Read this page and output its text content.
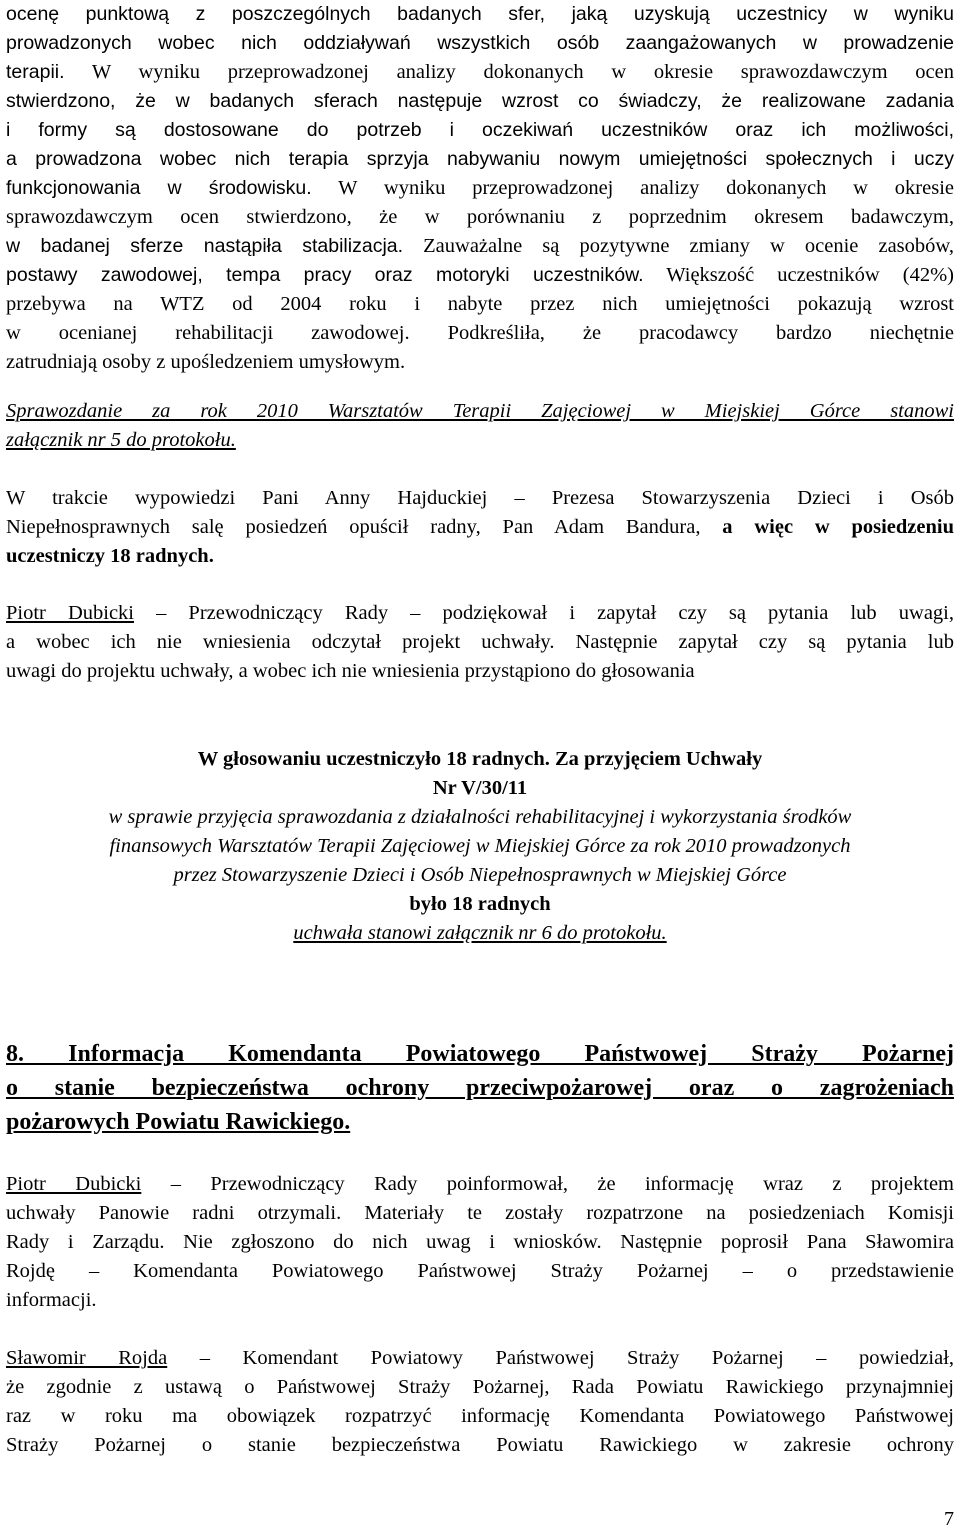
ocenę punktową z poszczególnych badanych sfer, jaką uzyskują uczestnicy w wyniku
prowadzonych wobec nich oddziaływań wszystkich osób zaangażowanych w prowadzenie
terapii. W wyniku przeprowadzonej analizy dokonanych w okresie sprawozdawczym ocen
stwierdzono, że w badanych sferach następuje wzrost co świadczy, że realizowane zadania
i formy są dostosowane do potrzeb i oczekiwań uczestników oraz ich możliwości,
a prowadzona wobec nich terapia sprzyja nabywaniu nowym umiejętności społecznych i uczy
funkcjonowania w środowisku. W wyniku przeprowadzonej analizy dokonanych w okresie
sprawozdawczym ocen stwierdzono, że w porównaniu z poprzednim okresem badawczym,
w badanej sferze nastąpiła stabilizacja. Zauważalne są pozytywne zmiany w ocenie zasobów,
postawy zawodowej, tempa pracy oraz motoryki uczestników. Większość uczestników (42%)
przebywa na WTZ od 2004 roku i nabyte przez nich umiejętności pokazują wzrost
w ocenianej rehabilitacji zawodowej. Podkreśliła, że pracodawcy bardzo niechętnie
zatrudniają osoby z upośledzeniem umysłowym.
Sprawozdanie za rok 2010 Warsztatów Terapii Zajęciowej w Miejskiej Górce stanowi
załącznik nr 5 do protokołu.
W trakcie wypowiedzi Pani Anny Hajduckiej – Prezesa Stowarzyszenia Dzieci i Osób
Niepełnosprawnych salę posiedzeń opuścił radny, Pan Adam Bandura, a więc w posiedzeniu
uczestniczy 18 radnych.
Piotr Dubicki – Przewodniczący Rady – podziękował i zapytał czy są pytania lub uwagi,
a wobec ich nie wniesienia odczytał projekt uchwały. Następnie zapytał czy są pytania lub
uwagi do projektu uchwały, a wobec ich nie wniesienia przystąpiono do głosowania
W głosowaniu uczestniczyło 18 radnych. Za przyjęciem Uchwały
Nr V/30/11
w sprawie przyjęcia sprawozdania z działalności rehabilitacyjnej i wykorzystania środków
finansowych Warsztatów Terapii Zajęciowej w Miejskiej Górce za rok 2010 prowadzonych
przez Stowarzyszenie Dzieci i Osób Niepełnosprawnych w Miejskiej Górce
było 18 radnych
uchwała stanowi załącznik nr 6 do protokołu.
8. Informacja Komendanta Powiatowego Państwowej Straży Pożarnej
o stanie bezpieczeństwa ochrony przeciwpożarowej oraz o zagrożeniach
pożarowych Powiatu Rawickiego.
Piotr Dubicki – Przewodniczący Rady poinformował, że informację wraz z projektem
uchwały Panowie radni otrzymali. Materiały te zostały rozpatrzone na posiedzeniach Komisji
Rady i Zarządu. Nie zgłoszono do nich uwag i wniosków. Następnie poprosił Pana Sławomira
Rojdę – Komendanta Powiatowego Państwowej Straży Pożarnej – o przedstawienie
informacji.
Sławomir Rojda – Komendant Powiatowy Państwowej Straży Pożarnej – powiedział,
że zgodnie z ustawą o Państwowej Straży Pożarnej, Rada Powiatu Rawickiego przynajmniej
raz w roku ma obowiązek rozpatrzyć informację Komendanta Powiatowego Państwowej
Straży Pożarnej o stanie bezpieczeństwa Powiatu Rawickiego w zakresie ochrony
7
